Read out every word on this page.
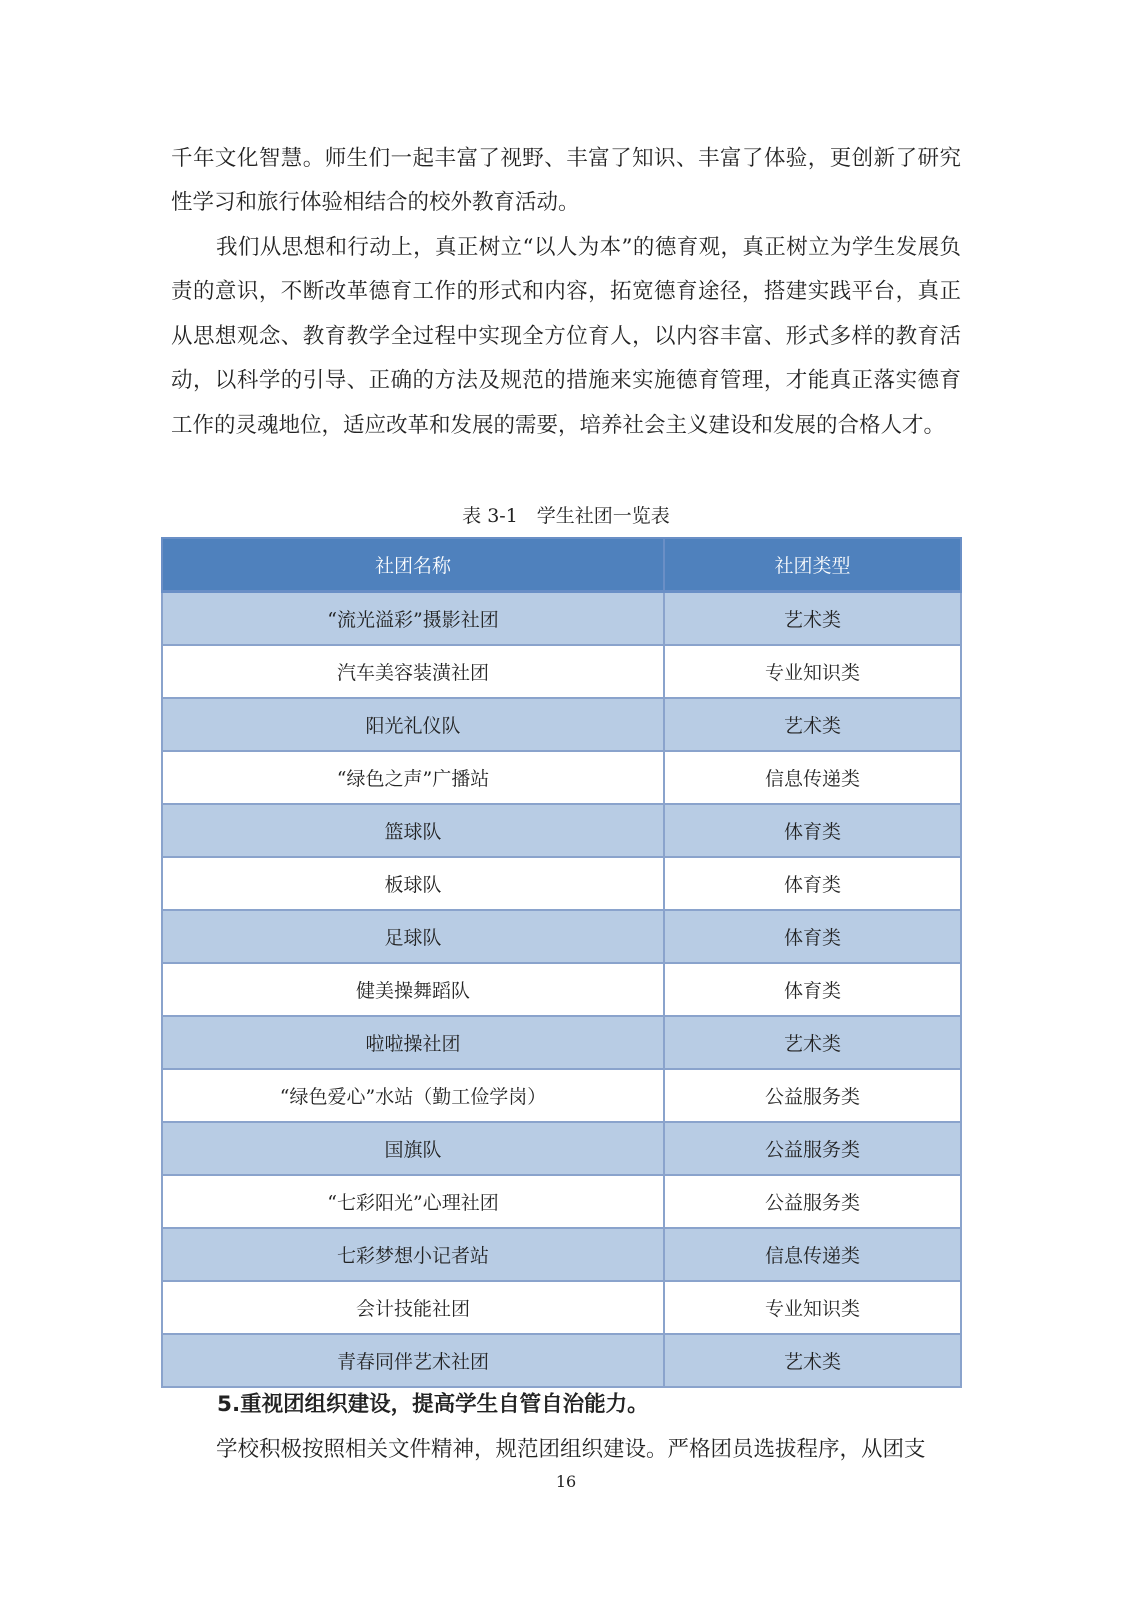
千年文化智慧。师生们一起丰富了视野、丰富了知识、丰富了体验，更创新了研究性学习和旅行体验相结合的校外教育活动。

我们从思想和行动上，真正树立“以人为本”的德育观，真正树立为学生发展负责的意识，不断改革德育工作的形式和内容，拓宽德育途径，搭建实践平台，真正从思想观念、教育教学全过程中实现全方位育人，以内容丰富、形式多样的教育活动，以科学的引导、正确的方法及规范的措施来实施德育管理，才能真正落实德育工作的灵魂地位，适应改革和发展的需要，培养社会主义建设和发展的合格人才。

表 3-1　学生社团一览表
社团名称	社团类型
“流光溢彩”摄影社团	艺术类
汽车美容装潢社团	专业知识类
阳光礼仪队	艺术类
“绿色之声”广播站	信息传递类
篮球队	体育类
板球队	体育类
足球队	体育类
健美操舞蹈队	体育类
啦啦操社团	艺术类
“绿色爱心”水站（勤工俭学岗）	公益服务类
国旗队	公益服务类
“七彩阳光”心理社团	公益服务类
七彩梦想小记者站	信息传递类
会计技能社团	专业知识类
青春同伴艺术社团	艺术类
5.重视团组织建设，提高学生自管自治能力。

学校积极按照相关文件精神，规范团组织建设。严格团员选拔程序，从团支

16
